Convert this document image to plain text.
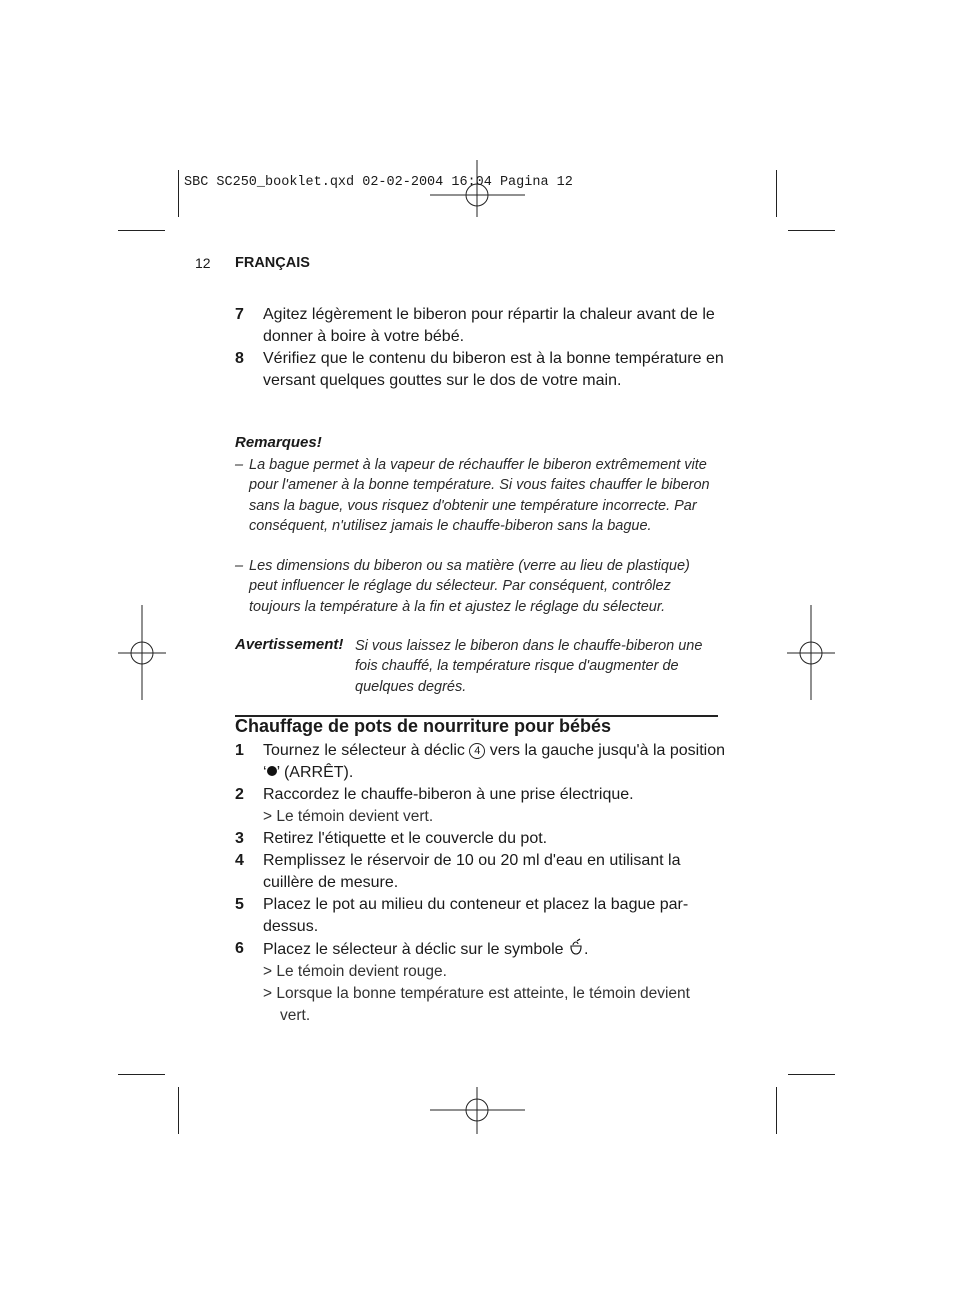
SBC SC250_booklet.qxd 02-02-2004 16:04 Pagina 12
12 FRANÇAIS
7 Agitez légèrement le biberon pour répartir la chaleur avant de le donner à boire à votre bébé.
8 Vérifiez que le contenu du biberon est à la bonne température en versant quelques gouttes sur le dos de votre main.
Remarques!
– La bague permet à la vapeur de réchauffer le biberon extrêmement vite pour l'amener à la bonne température. Si vous faites chauffer le biberon sans la bague, vous risquez d'obtenir une température incorrecte. Par conséquent, n'utilisez jamais le chauffe-biberon sans la bague.
– Les dimensions du biberon ou sa matière (verre au lieu de plastique) peut influencer le réglage du sélecteur. Par conséquent, contrôlez toujours la température à la fin et ajustez le réglage du sélecteur.
Avertissement! Si vous laissez le biberon dans le chauffe-biberon une fois chauffé, la température risque d'augmenter de quelques degrés.
Chauffage de pots de nourriture pour bébés
1 Tournez le sélecteur à déclic 4 vers la gauche jusqu'à la position ‘ ’ (ARRÊT).
2 Raccordez le chauffe-biberon à une prise électrique.
> Le témoin devient vert.
3 Retirez l'étiquette et le couvercle du pot.
4 Remplissez le réservoir de 10 ou 20 ml d'eau en utilisant la cuillère de mesure.
5 Placez le pot au milieu du conteneur et placez la bague par-dessus.
6 Placez le sélecteur à déclic sur le symbole .
> Le témoin devient rouge.
> Lorsque la bonne température est atteinte, le témoin devient vert.
